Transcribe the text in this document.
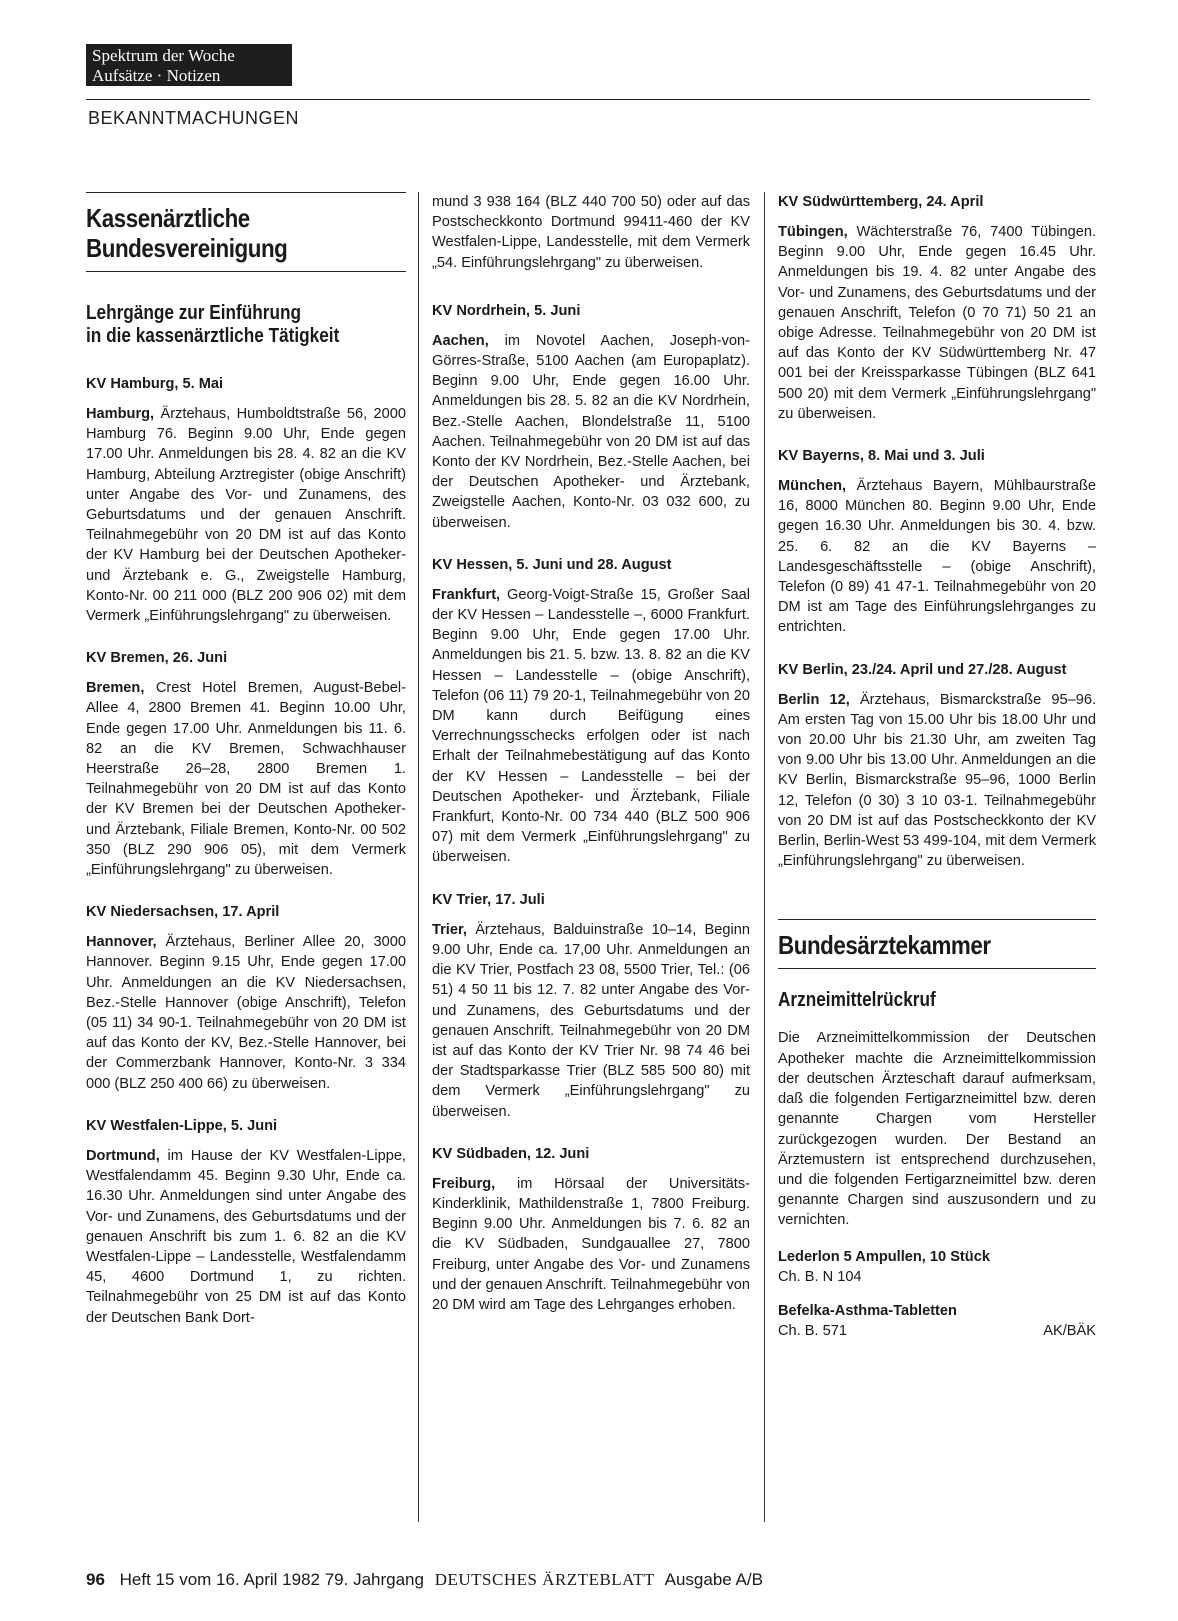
Spektrum der Woche
Aufsätze · Notizen
BEKANNTMACHUNGEN
Kassenärztliche
Bundesvereinigung
Lehrgänge zur Einführung
in die kassenärztliche Tätigkeit
KV Hamburg, 5. Mai
Hamburg, Ärztehaus, Humboldtstraße 56, 2000 Hamburg 76. Beginn 9.00 Uhr, Ende gegen 17.00 Uhr. Anmeldungen bis 28. 4. 82 an die KV Hamburg, Abteilung Arztregister (obige Anschrift) unter Angabe des Vor- und Zunamens, des Geburtsdatums und der genauen Anschrift. Teilnahmegebühr von 20 DM ist auf das Konto der KV Hamburg bei der Deutschen Apotheker- und Ärztebank e. G., Zweigstelle Hamburg, Konto-Nr. 00 211 000 (BLZ 200 906 02) mit dem Vermerk „Einführungslehrgang" zu überweisen.
KV Bremen, 26. Juni
Bremen, Crest Hotel Bremen, August-Bebel-Allee 4, 2800 Bremen 41. Beginn 10.00 Uhr, Ende gegen 17.00 Uhr. Anmeldungen bis 11. 6. 82 an die KV Bremen, Schwachhauser Heerstraße 26–28, 2800 Bremen 1. Teilnahmegebühr von 20 DM ist auf das Konto der KV Bremen bei der Deutschen Apotheker- und Ärztebank, Filiale Bremen, Konto-Nr. 00 502 350 (BLZ 290 906 05), mit dem Vermerk „Einführungslehrgang" zu überweisen.
KV Niedersachsen, 17. April
Hannover, Ärztehaus, Berliner Allee 20, 3000 Hannover. Beginn 9.15 Uhr, Ende gegen 17.00 Uhr. Anmeldungen an die KV Niedersachsen, Bez.-Stelle Hannover (obige Anschrift), Telefon (05 11) 34 90-1. Teilnahmegebühr von 20 DM ist auf das Konto der KV, Bez.-Stelle Hannover, bei der Commerzbank Hannover, Konto-Nr. 3 334 000 (BLZ 250 400 66) zu überweisen.
KV Westfalen-Lippe, 5. Juni
Dortmund, im Hause der KV Westfalen-Lippe, Westfalendamm 45. Beginn 9.30 Uhr, Ende ca. 16.30 Uhr. Anmeldungen sind unter Angabe des Vor- und Zunamens, des Geburtsdatums und der genauen Anschrift bis zum 1. 6. 82 an die KV Westfalen-Lippe – Landesstelle, Westfalendamm 45, 4600 Dortmund 1, zu richten. Teilnahmegebühr von 25 DM ist auf das Konto der Deutschen Bank Dort-
mund 3 938 164 (BLZ 440 700 50) oder auf das Postscheckkonto Dortmund 99411-460 der KV Westfalen-Lippe, Landesstelle, mit dem Vermerk „54. Einführungslehrgang" zu überweisen.
KV Nordrhein, 5. Juni
Aachen, im Novotel Aachen, Joseph-von-Görres-Straße, 5100 Aachen (am Europaplatz). Beginn 9.00 Uhr, Ende gegen 16.00 Uhr. Anmeldungen bis 28. 5. 82 an die KV Nordrhein, Bez.-Stelle Aachen, Blondelstraße 11, 5100 Aachen. Teilnahmegebühr von 20 DM ist auf das Konto der KV Nordrhein, Bez.-Stelle Aachen, bei der Deutschen Apotheker- und Ärztebank, Zweigstelle Aachen, Konto-Nr. 03 032 600, zu überweisen.
KV Hessen, 5. Juni und 28. August
Frankfurt, Georg-Voigt-Straße 15, Großer Saal der KV Hessen – Landesstelle –, 6000 Frankfurt. Beginn 9.00 Uhr, Ende gegen 17.00 Uhr. Anmeldungen bis 21. 5. bzw. 13. 8. 82 an die KV Hessen – Landesstelle – (obige Anschrift), Telefon (06 11) 79 20-1, Teilnahmegebühr von 20 DM kann durch Beifügung eines Verrechnungsschecks erfolgen oder ist nach Erhalt der Teilnahmebestätigung auf das Konto der KV Hessen – Landesstelle – bei der Deutschen Apotheker- und Ärztebank, Filiale Frankfurt, Konto-Nr. 00 734 440 (BLZ 500 906 07) mit dem Vermerk „Einführungslehrgang" zu überweisen.
KV Trier, 17. Juli
Trier, Ärztehaus, Balduinstraße 10–14, Beginn 9.00 Uhr, Ende ca. 17,00 Uhr. Anmeldungen an die KV Trier, Postfach 23 08, 5500 Trier, Tel.: (06 51) 4 50 11 bis 12. 7. 82 unter Angabe des Vor- und Zunamens, des Geburtsdatums und der genauen Anschrift. Teilnahmegebühr von 20 DM ist auf das Konto der KV Trier Nr. 98 74 46 bei der Stadtsparkasse Trier (BLZ 585 500 80) mit dem Vermerk „Einführungslehrgang" zu überweisen.
KV Südbaden, 12. Juni
Freiburg, im Hörsaal der Universitäts-Kinderklinik, Mathildenstraße 1, 7800 Freiburg. Beginn 9.00 Uhr. Anmeldungen bis 7. 6. 82 an die KV Südbaden, Sundgauallee 27, 7800 Freiburg, unter Angabe des Vor- und Zunamens und der genauen Anschrift. Teilnahmegebühr von 20 DM wird am Tage des Lehrganges erhoben.
KV Südwürttemberg, 24. April
Tübingen, Wächterstraße 76, 7400 Tübingen. Beginn 9.00 Uhr, Ende gegen 16.45 Uhr. Anmeldungen bis 19. 4. 82 unter Angabe des Vor- und Zunamens, des Geburtsdatums und der genauen Anschrift, Telefon (0 70 71) 50 21 an obige Adresse. Teilnahmegebühr von 20 DM ist auf das Konto der KV Südwürttemberg Nr. 47 001 bei der Kreissparkasse Tübingen (BLZ 641 500 20) mit dem Vermerk „Einführungslehrgang" zu überweisen.
KV Bayerns, 8. Mai und 3. Juli
München, Ärztehaus Bayern, Mühlbaurstraße 16, 8000 München 80. Beginn 9.00 Uhr, Ende gegen 16.30 Uhr. Anmeldungen bis 30. 4. bzw. 25. 6. 82 an die KV Bayerns – Landesgeschäftsstelle – (obige Anschrift), Telefon (0 89) 41 47-1. Teilnahmegebühr von 20 DM ist am Tage des Einführungslehrganges zu entrichten.
KV Berlin, 23./24. April und 27./28. August
Berlin 12, Ärztehaus, Bismarckstraße 95–96. Am ersten Tag von 15.00 Uhr bis 18.00 Uhr und von 20.00 Uhr bis 21.30 Uhr, am zweiten Tag von 9.00 Uhr bis 13.00 Uhr. Anmeldungen an die KV Berlin, Bismarckstraße 95–96, 1000 Berlin 12, Telefon (0 30) 3 10 03-1. Teilnahmegebühr von 20 DM ist auf das Postscheckkonto der KV Berlin, Berlin-West 53 499-104, mit dem Vermerk „Einführungslehrgang" zu überweisen.
Bundesärztekammer
Arzneimittelrückruf
Die Arzneimittelkommission der Deutschen Apotheker machte die Arzneimittelkommission der deutschen Ärzteschaft darauf aufmerksam, daß die folgenden Fertigarzneimittel bzw. deren genannte Chargen vom Hersteller zurückgezogen wurden. Der Bestand an Ärztemustern ist entsprechend durchzusehen, und die folgenden Fertigarzneimittel bzw. deren genannte Chargen sind auszusondern und zu vernichten.
Lederlon 5 Ampullen, 10 Stück
Ch. B. N 104
Befelka-Asthma-Tabletten
Ch. B. 571	AK/BÄK
96 Heft 15 vom 16. April 1982 79. Jahrgang DEUTSCHES ÄRZTEBLATT Ausgabe A/B
